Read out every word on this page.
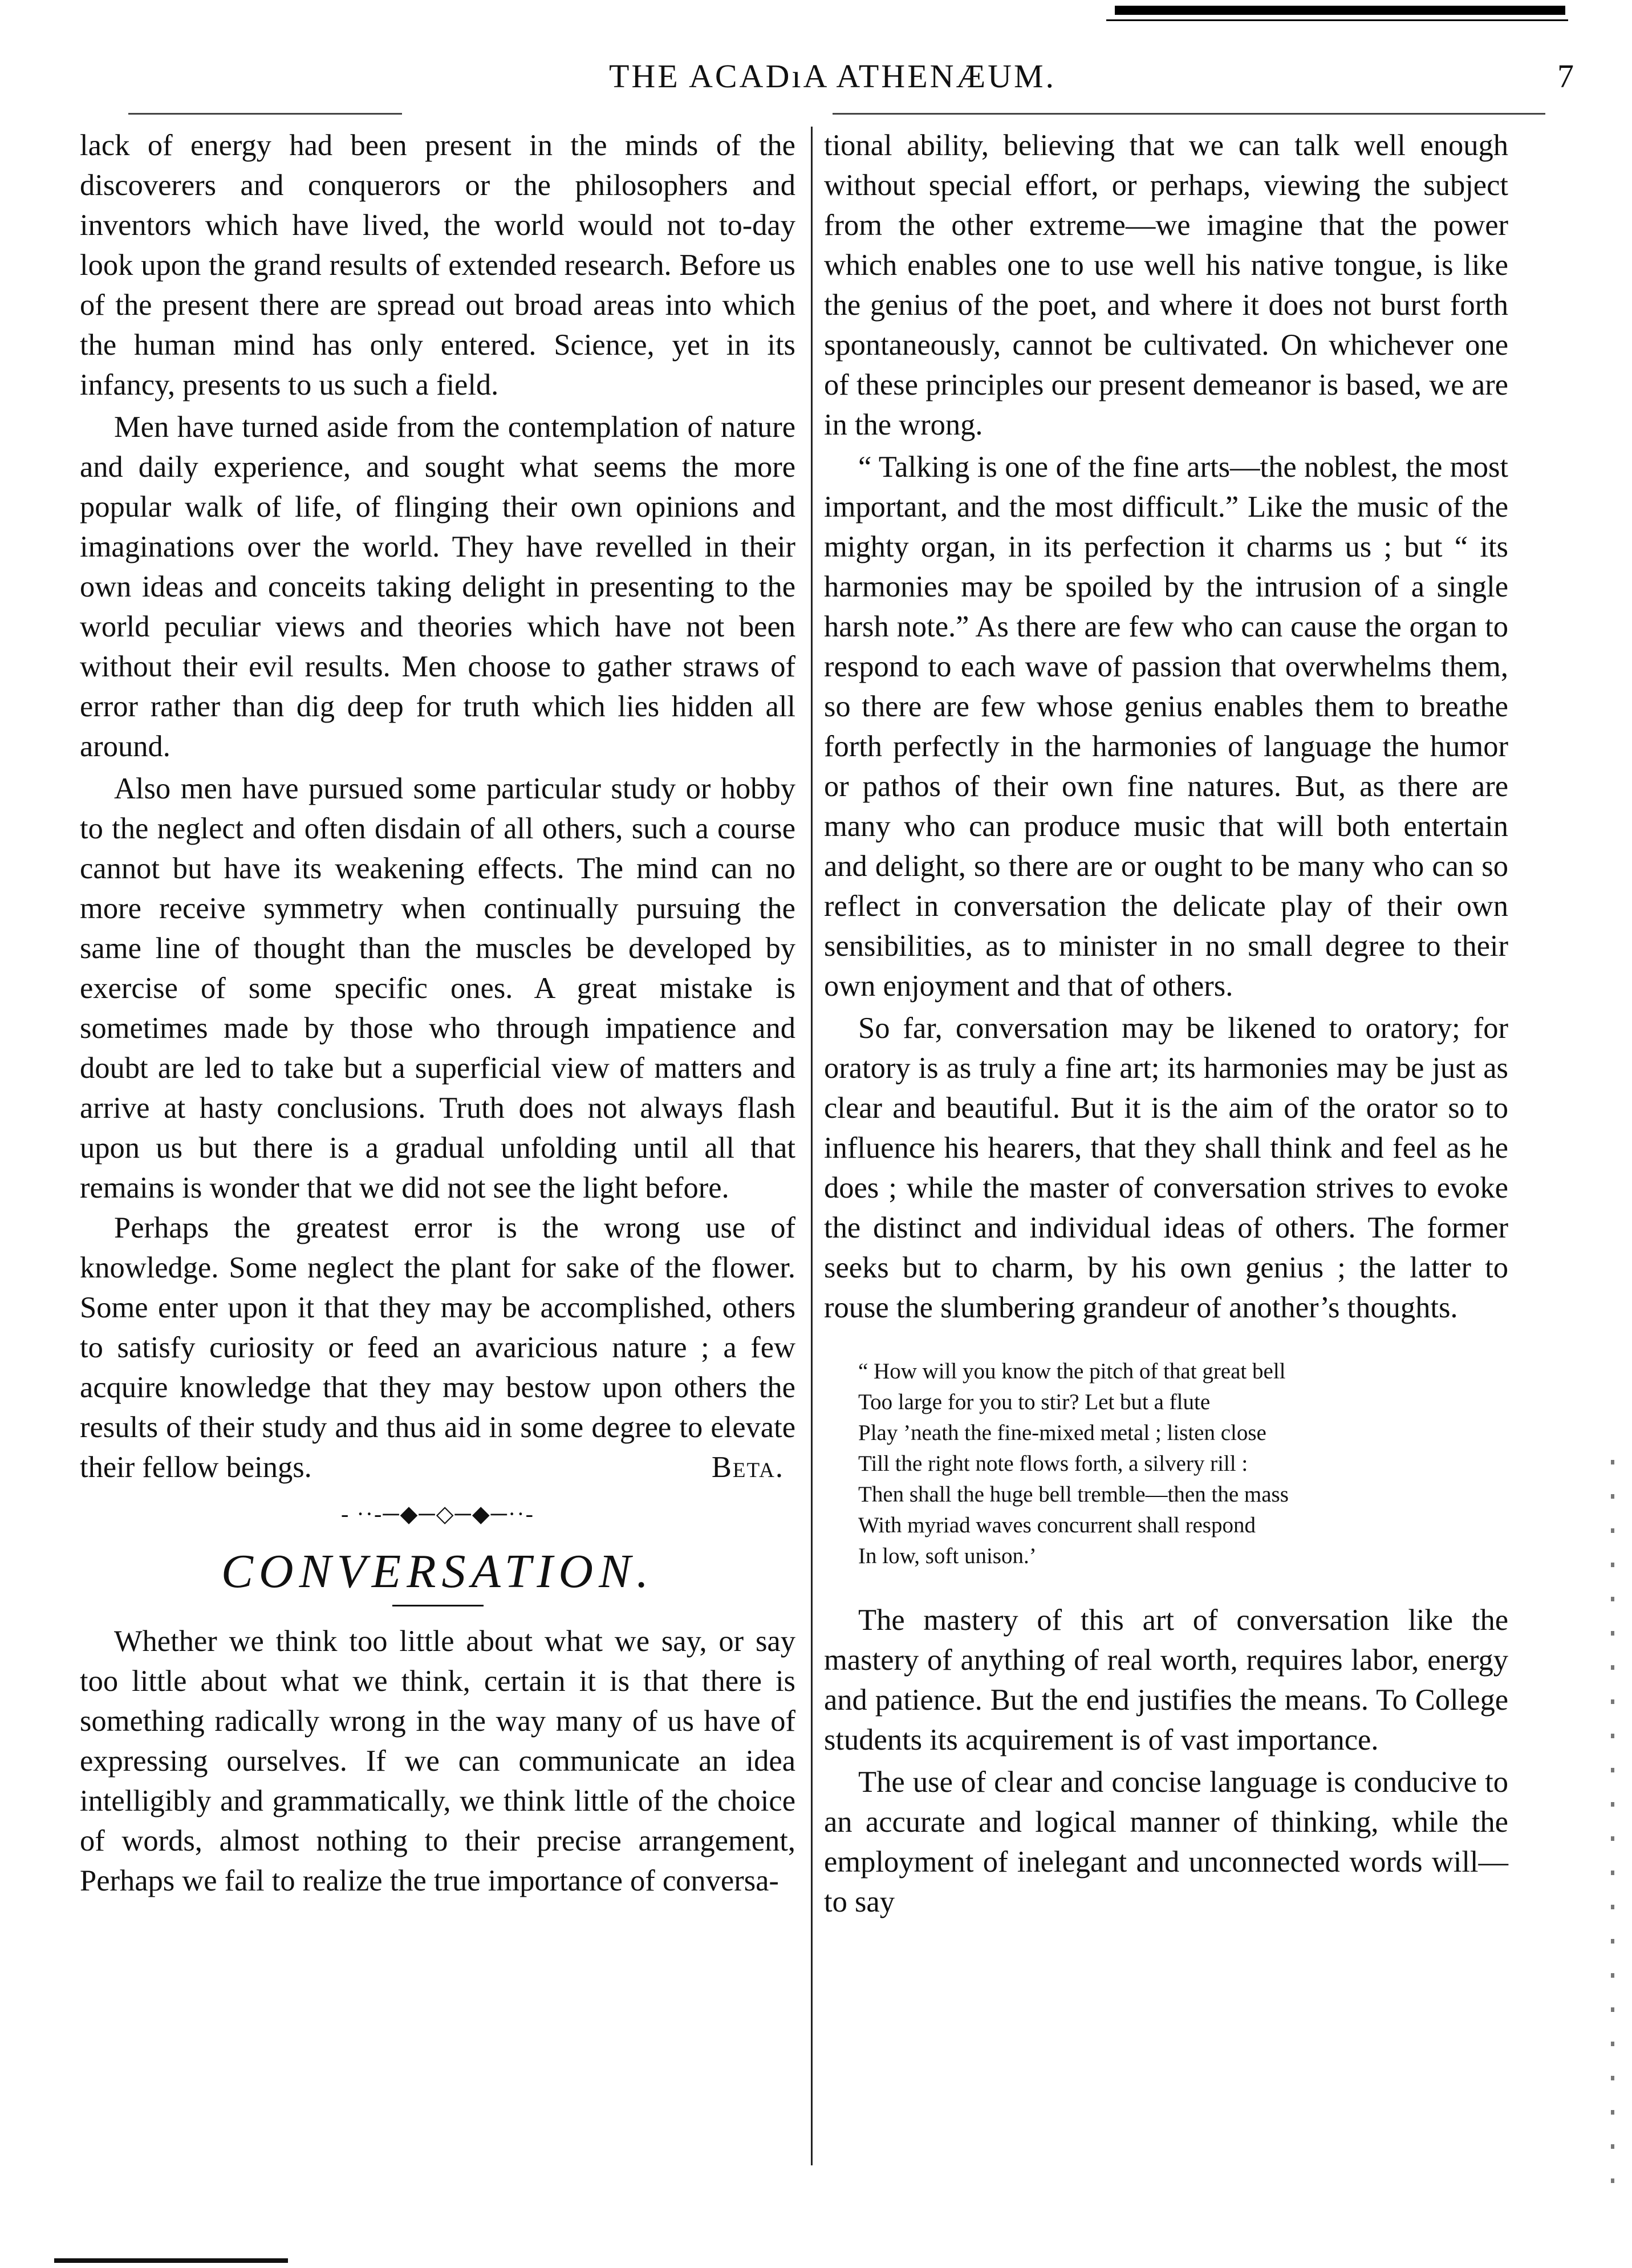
THE ACADıA ATHENÆUM.	7

lack of energy had been present in the minds of the discoverers and conquerors or the philosophers and inventors which have lived, the world would not to-day look upon the grand results of extended research. Before us of the present there are spread out broad areas into which the human mind has only entered. Science, yet in its infancy, presents to us such a field.

Men have turned aside from the contemplation of nature and daily experience, and sought what seems the more popular walk of life, of flinging their own opinions and imaginations over the world. They have revelled in their own ideas and conceits taking delight in presenting to the world peculiar views and theories which have not been without their evil results. Men choose to gather straws of error rather than dig deep for truth which lies hidden all around.

Also men have pursued some particular study or hobby to the neglect and often disdain of all others, such a course cannot but have its weakening effects. The mind can no more receive symmetry when continually pursuing the same line of thought than the muscles be developed by exercise of some specific ones. A great mistake is sometimes made by those who through impatience and doubt are led to take but a superficial view of matters and arrive at hasty conclusions. Truth does not always flash upon us but there is a gradual unfolding until all that remains is wonder that we did not see the light before.

Perhaps the greatest error is the wrong use of knowledge. Some neglect the plant for sake of the flower. Some enter upon it that they may be accomplished, others to satisfy curiosity or feed an avaricious nature ; a few acquire knowledge that they may bestow upon others the results of their study and thus aid in some degree to elevate their fellow beings.	Beta.
- ··-─◆─◇─◆─··-
CONVERSATION.

Whether we think too little about what we say, or say too little about what we think, certain it is that there is something radically wrong in the way many of us have of expressing ourselves. If we can communicate an idea intelligibly and grammatically, we think little of the choice of words, almost nothing to their precise arrangement, Perhaps we fail to realize the true importance of conversa-

tional ability, believing that we can talk well enough without special effort, or perhaps, viewing the subject from the other extreme—we imagine that the power which enables one to use well his native tongue, is like the genius of the poet, and where it does not burst forth spontaneously, cannot be cultivated. On whichever one of these principles our present demeanor is based, we are in the wrong.

“ Talking is one of the fine arts—the noblest, the most important, and the most difficult.” Like the music of the mighty organ, in its perfection it charms us ; but “ its harmonies may be spoiled by the intrusion of a single harsh note.” As there are few who can cause the organ to respond to each wave of passion that overwhelms them, so there are few whose genius enables them to breathe forth perfectly in the harmonies of language the humor or pathos of their own fine natures. But, as there are many who can produce music that will both entertain and delight, so there are or ought to be many who can so reflect in conversation the delicate play of their own sensibilities, as to minister in no small degree to their own enjoyment and that of others.

So far, conversation may be likened to oratory; for oratory is as truly a fine art; its harmonies may be just as clear and beautiful. But it is the aim of the orator so to influence his hearers, that they shall think and feel as he does ; while the master of conversation strives to evoke the distinct and individual ideas of others. The former seeks but to charm, by his own genius ; the latter to rouse the slumbering grandeur of another’s thoughts.

“ How will you know the pitch of that great bell
Too large for you to stir? Let but a flute
Play ’neath the fine-mixed metal ; listen close
Till the right note flows forth, a silvery rill :
Then shall the huge bell tremble—then the mass
With myriad waves concurrent shall respond
In low, soft unison.’

The mastery of this art of conversation like the mastery of anything of real worth, requires labor, energy and patience. But the end justifies the means. To College students its acquirement is of vast importance.

The use of clear and concise language is conducive to an accurate and logical manner of thinking, while the employment of inelegant and unconnected words will—to say
